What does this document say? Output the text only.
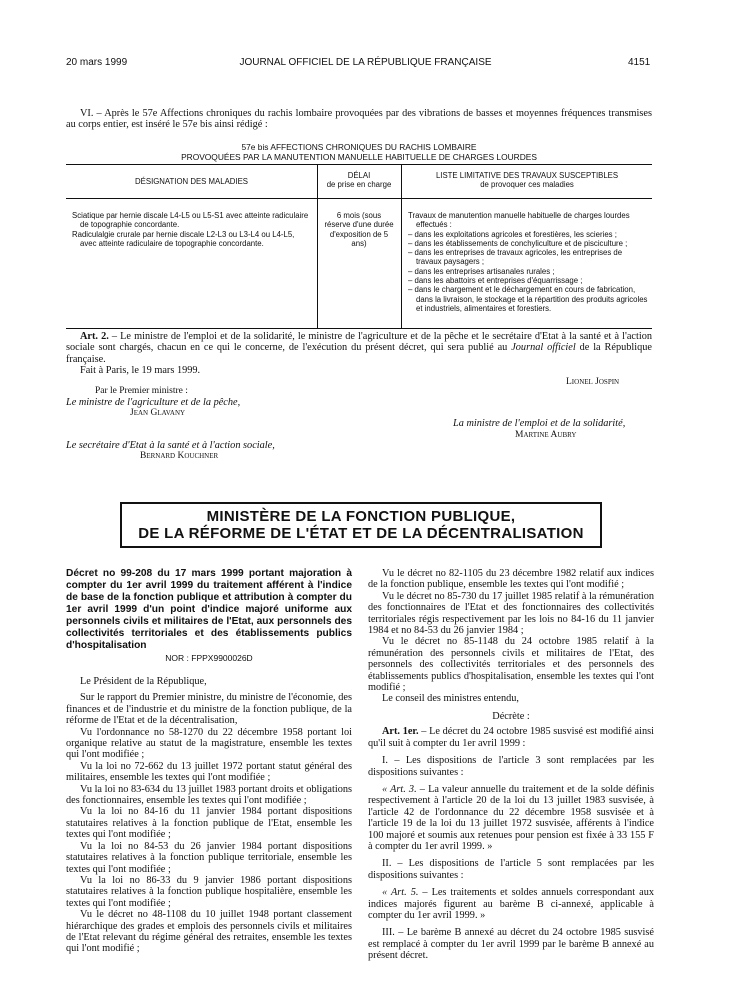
20 mars 1999	JOURNAL OFFICIEL DE LA RÉPUBLIQUE FRANÇAISE	4151

VI. – Après le 57e Affections chroniques du rachis lombaire provoquées par des vibrations de basses et moyennes fréquences transmises au corps entier, est inséré le 57e bis ainsi rédigé :

57e bis AFFECTIONS CHRONIQUES DU RACHIS LOMBAIRE
PROVOQUÉES PAR LA MANUTENTION MANUELLE HABITUELLE DE CHARGES LOURDES
DÉSIGNATION DES MALADIES
DÉLAI
de prise en charge
LISTE LIMITATIVE DES TRAVAUX SUSCEPTIBLES
de provoquer ces maladies

Sciatique par hernie discale L4-L5 ou L5-S1 avec atteinte radiculaire de topographie concordante.

Radiculalgie crurale par hernie discale L2-L3 ou L3-L4 ou L4-L5, avec atteinte radiculaire de topographie concordante.

6 mois (sous réserve d'une durée d'exposition de 5 ans)

Travaux de manutention manuelle habituelle de charges lourdes effectués :

– dans les exploitations agricoles et forestières, les scieries ;

– dans les établissements de conchyliculture et de pisciculture ;

– dans les entreprises de travaux agricoles, les entreprises de travaux paysagers ;

– dans les entreprises artisanales rurales ;

– dans les abattoirs et entreprises d'équarrissage ;

– dans le chargement et le déchargement en cours de fabrication, dans la livraison, le stockage et la répartition des produits agricoles et industriels, alimentaires et forestiers.

Art. 2. – Le ministre de l'emploi et de la solidarité, le ministre de l'agriculture et de la pêche et le secrétaire d'Etat à la santé et à l'action sociale sont chargés, chacun en ce qui le concerne, de l'exécution du présent décret, qui sera publié au Journal officiel de la République française.

Fait à Paris, le 19 mars 1999.

Lionel Jospin
Par le Premier ministre :
Le ministre de l'agriculture et de la pêche,
Jean Glavany
La ministre de l'emploi et de la solidarité,
Martine Aubry
Le secrétaire d'Etat à la santé et à l'action sociale,
Bernard Kouchner
MINISTÈRE DE LA FONCTION PUBLIQUE,
DE LA RÉFORME DE L'ÉTAT ET DE LA DÉCENTRALISATION

Décret no 99-208 du 17 mars 1999 portant majoration à compter du 1er avril 1999 du traitement afférent à l'indice de base de la fonction publique et attribution à compter du 1er avril 1999 d'un point d'indice majoré uniforme aux personnels civils et militaires de l'Etat, aux personnels des collectivités territoriales et des établissements publics d'hospitalisation

NOR : FPPX9900026D

Le Président de la République,

Sur le rapport du Premier ministre, du ministre de l'économie, des finances et de l'industrie et du ministre de la fonction publique, de la réforme de l'Etat et de la décentralisation,

Vu l'ordonnance no 58-1270 du 22 décembre 1958 portant loi organique relative au statut de la magistrature, ensemble les textes qui l'ont modifiée ;

Vu la loi no 72-662 du 13 juillet 1972 portant statut général des militaires, ensemble les textes qui l'ont modifiée ;

Vu la loi no 83-634 du 13 juillet 1983 portant droits et obligations des fonctionnaires, ensemble les textes qui l'ont modifiée ;

Vu la loi no 84-16 du 11 janvier 1984 portant dispositions statutaires relatives à la fonction publique de l'Etat, ensemble les textes qui l'ont modifiée ;

Vu la loi no 84-53 du 26 janvier 1984 portant dispositions statutaires relatives à la fonction publique territoriale, ensemble les textes qui l'ont modifiée ;

Vu la loi no 86-33 du 9 janvier 1986 portant dispositions statutaires relatives à la fonction publique hospitalière, ensemble les textes qui l'ont modifiée ;

Vu le décret no 48-1108 du 10 juillet 1948 portant classement hiérarchique des grades et emplois des personnels civils et militaires de l'Etat relevant du régime général des retraites, ensemble les textes qui l'ont modifié ;

Vu le décret no 82-1105 du 23 décembre 1982 relatif aux indices de la fonction publique, ensemble les textes qui l'ont modifié ;

Vu le décret no 85-730 du 17 juillet 1985 relatif à la rémunération des fonctionnaires de l'Etat et des fonctionnaires des collectivités territoriales régis respectivement par les lois no 84-16 du 11 janvier 1984 et no 84-53 du 26 janvier 1984 ;

Vu le décret no 85-1148 du 24 octobre 1985 relatif à la rémunération des personnels civils et militaires de l'Etat, des personnels des collectivités territoriales et des personnels des établissements publics d'hospitalisation, ensemble les textes qui l'ont modifié ;

Le conseil des ministres entendu,

Décrète :

Art. 1er. – Le décret du 24 octobre 1985 susvisé est modifié ainsi qu'il suit à compter du 1er avril 1999 :

I. – Les dispositions de l'article 3 sont remplacées par les dispositions suivantes :

« Art. 3. – La valeur annuelle du traitement et de la solde définis respectivement à l'article 20 de la loi du 13 juillet 1983 susvisée, à l'article 42 de l'ordonnance du 22 décembre 1958 susvisée et à l'article 19 de la loi du 13 juillet 1972 susvisée, afférents à l'indice 100 majoré et soumis aux retenues pour pension est fixée à 33 155 F à compter du 1er avril 1999. »

II. – Les dispositions de l'article 5 sont remplacées par les dispositions suivantes :

« Art. 5. – Les traitements et soldes annuels correspondant aux indices majorés figurent au barème B ci-annexé, applicable à compter du 1er avril 1999. »

III. – Le barème B annexé au décret du 24 octobre 1985 susvisé est remplacé à compter du 1er avril 1999 par le barème B annexé au présent décret.
